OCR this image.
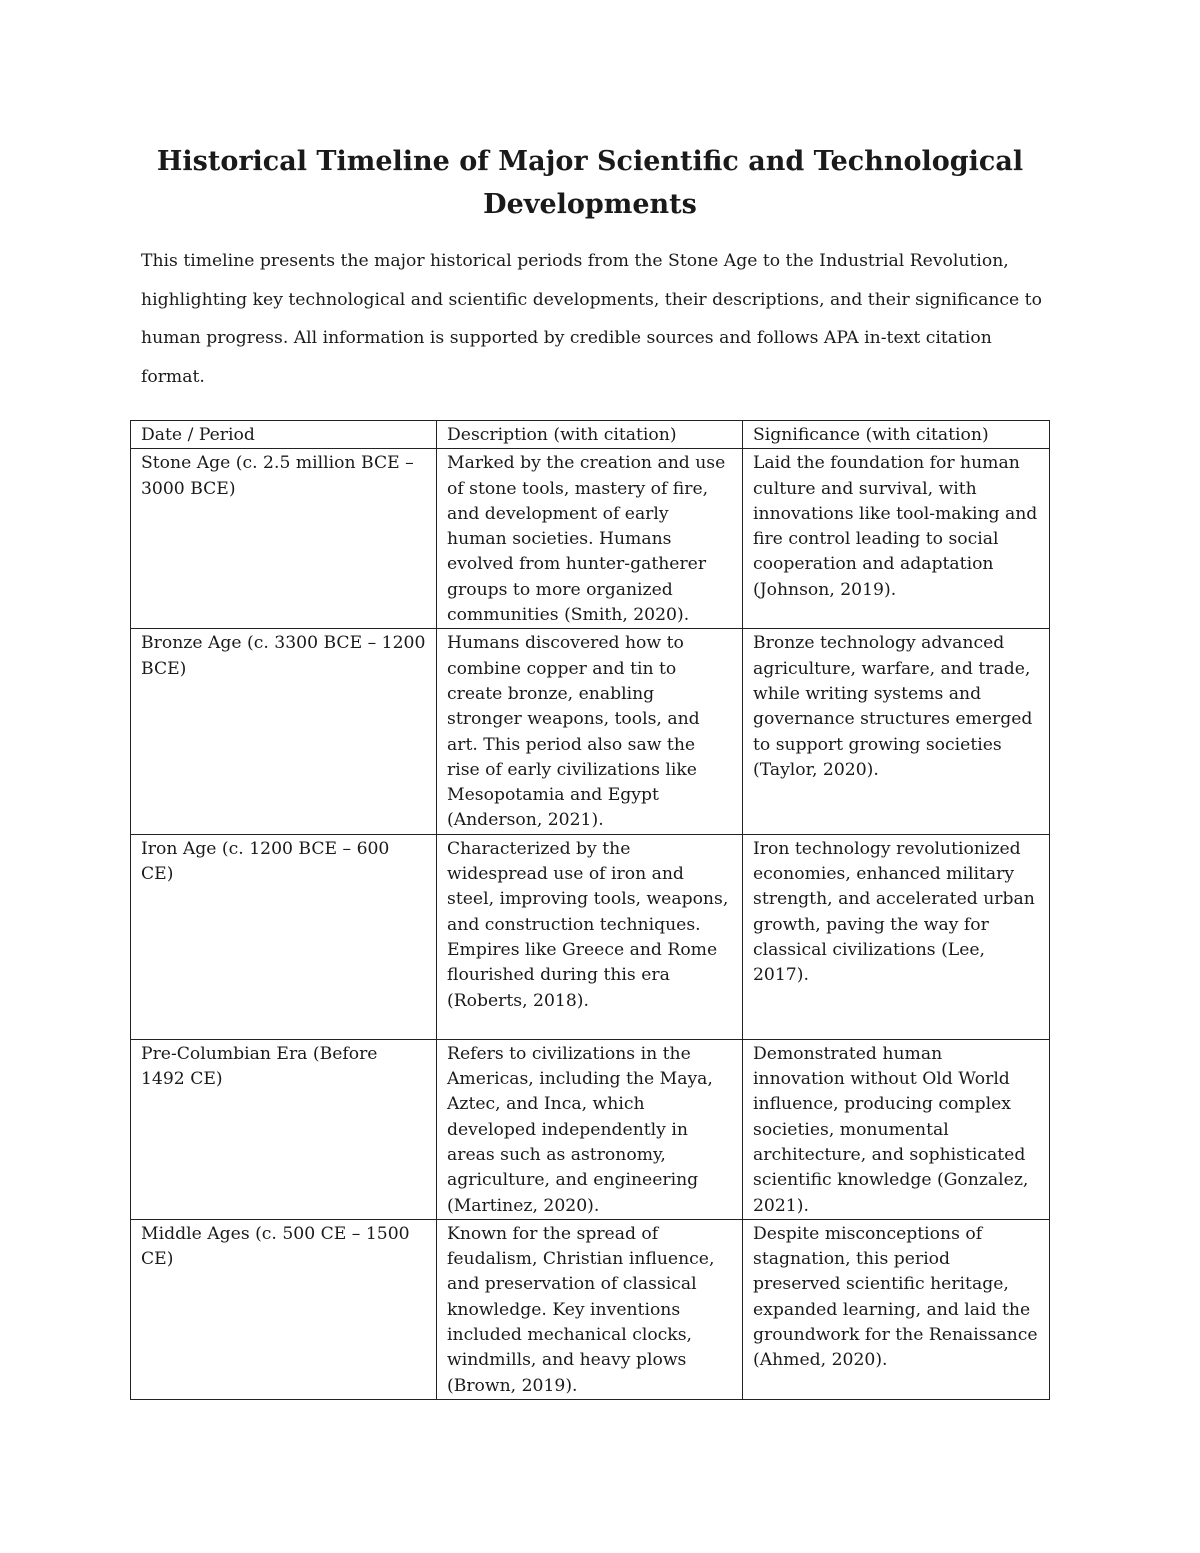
Historical Timeline of Major Scientific and Technological Developments

This timeline presents the major historical periods from the Stone Age to the Industrial Revolution, highlighting key technological and scientific developments, their descriptions, and their significance to human progress. All information is supported by credible sources and follows APA in-text citation format.

Date / Period	Description (with citation)	Significance (with citation)
Stone Age (c. 2.5 million BCE – 3000 BCE)	Marked by the creation and use of stone tools, mastery of fire, and development of early human societies. Humans evolved from hunter-gatherer groups to more organized communities (Smith, 2020).	Laid the foundation for human culture and survival, with innovations like tool-making and fire control leading to social cooperation and adaptation (Johnson, 2019).
Bronze Age (c. 3300 BCE – 1200 BCE)	Humans discovered how to combine copper and tin to create bronze, enabling stronger weapons, tools, and art. This period also saw the rise of early civilizations like Mesopotamia and Egypt (Anderson, 2021).	Bronze technology advanced agriculture, warfare, and trade, while writing systems and governance structures emerged to support growing societies (Taylor, 2020).
Iron Age (c. 1200 BCE – 600 CE)	Characterized by the widespread use of iron and steel, improving tools, weapons, and construction techniques. Empires like Greece and Rome flourished during this era (Roberts, 2018).	Iron technology revolutionized economies, enhanced military strength, and accelerated urban growth, paving the way for classical civilizations (Lee, 2017).
Pre-Columbian Era (Before 1492 CE)	Refers to civilizations in the Americas, including the Maya, Aztec, and Inca, which developed independently in areas such as astronomy, agriculture, and engineering (Martinez, 2020).	Demonstrated human innovation without Old World influence, producing complex societies, monumental architecture, and sophisticated scientific knowledge (Gonzalez, 2021).
Middle Ages (c. 500 CE – 1500 CE)	Known for the spread of feudalism, Christian influence, and preservation of classical knowledge. Key inventions included mechanical clocks, windmills, and heavy plows (Brown, 2019).	Despite misconceptions of stagnation, this period preserved scientific heritage, expanded learning, and laid the groundwork for the Renaissance (Ahmed, 2020).
